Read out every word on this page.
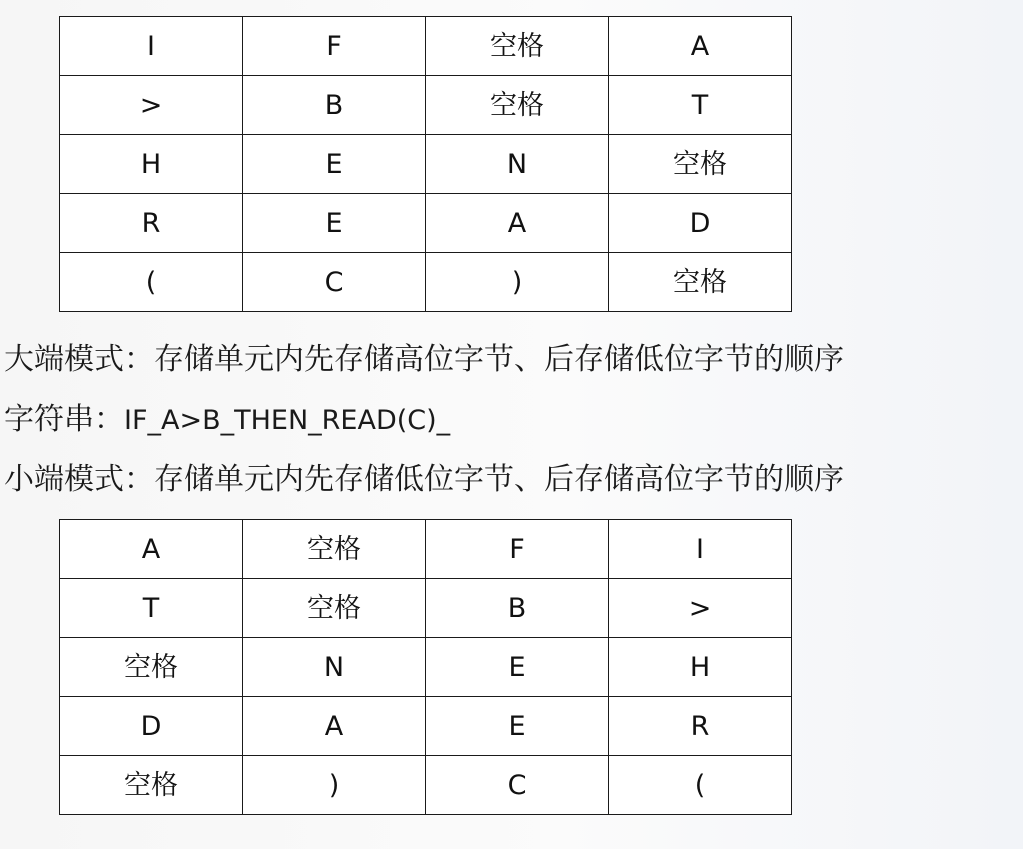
I	F	空格	A
>	B	空格	T
H	E	N	空格
R	E	A	D
(	C	)	空格
大端模式：存储单元内先存储高位字节、后存储低位字节的顺序
字符串：IF_A>B_THEN_READ(C)_
小端模式：存储单元内先存储低位字节、后存储高位字节的顺序
A	空格	F	I
T	空格	B	>
空格	N	E	H
D	A	E	R
空格	)	C	(
